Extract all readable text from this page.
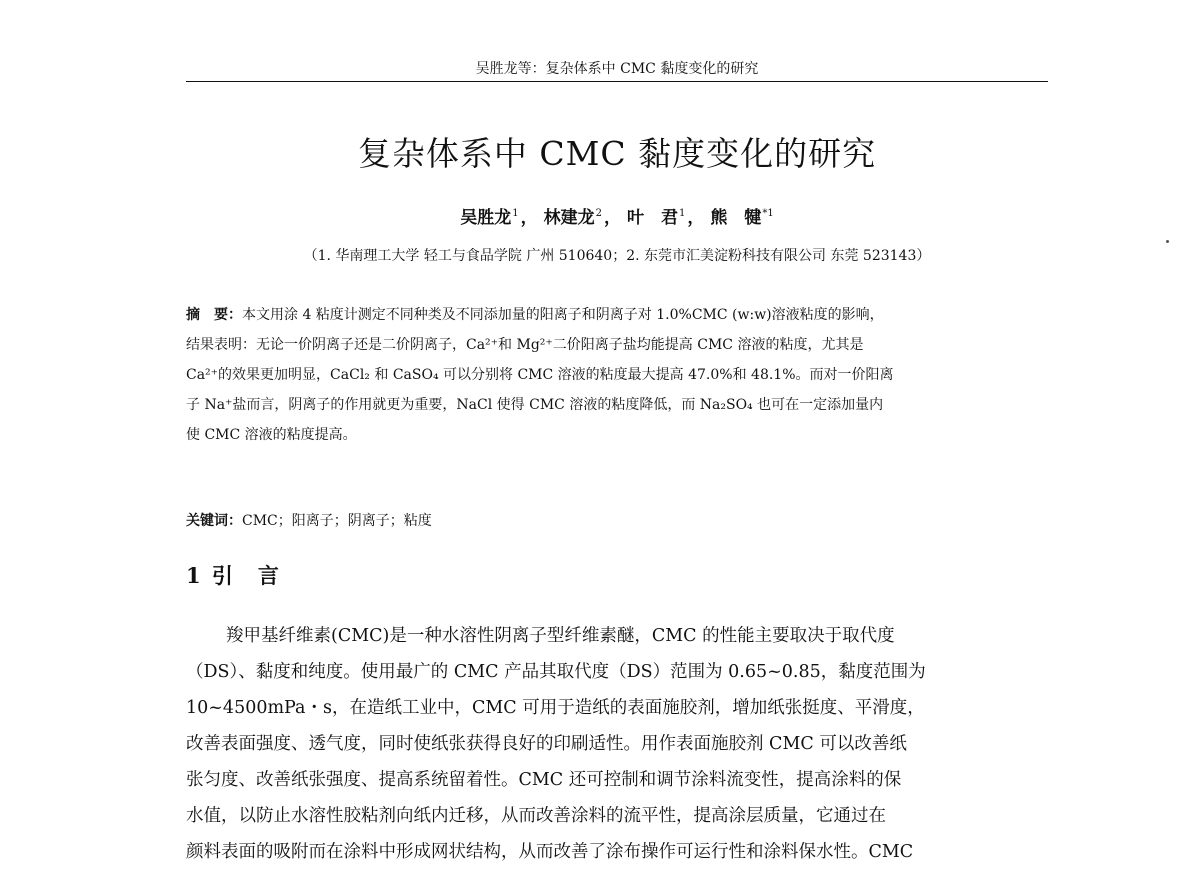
吴胜龙等：复杂体系中 CMC 黏度变化的研究
复杂体系中 CMC 黏度变化的研究
吴胜龙$^1$ ， 林建龙$^2$ ， 叶　君$^1$ ， 熊　犍$^{*1}$
（1. 华南理工大学 轻工与食品学院 广州 510640；2. 东莞市汇美淀粉科技有限公司 东莞 523143）
摘　要：本文用涂 4 粘度计测定不同种类及不同添加量的阳离子和阴离子对 1.0%CMC (w:w)溶液粘度的影响，
结果表明：无论一价阴离子还是二价阴离子，Ca²⁺和 Mg²⁺二价阳离子盐均能提高 CMC 溶液的粘度，尤其是
Ca²⁺的效果更加明显，CaCl₂ 和 CaSO₄ 可以分别将 CMC 溶液的粘度最大提高 47.0%和 48.1%。而对一价阳离
子 Na⁺盐而言，阴离子的作用就更为重要，NaCl 使得 CMC 溶液的粘度降低，而 Na₂SO₄ 也可在一定添加量内
使 CMC 溶液的粘度提高。
关键词：CMC；阳离子；阴离子；粘度
1 引　言
羧甲基纤维素(CMC)是一种水溶性阴离子型纤维素醚，CMC 的性能主要取决于取代度
（DS）、黏度和纯度。使用最广的 CMC 产品其取代度（DS）范围为 0.65~0.85，黏度范围为
10~4500mPa・s，在造纸工业中，CMC 可用于造纸的表面施胶剂，增加纸张挺度、平滑度，
改善表面强度、透气度，同时使纸张获得良好的印刷适性。用作表面施胶剂 CMC 可以改善纸
张匀度、改善纸张强度、提高系统留着性。CMC 还可控制和调节涂料流变性，提高涂料的保
水值，以防止水溶性胶粘剂向纸内迁移，从而改善涂料的流平性，提高涂层质量，它通过在
颜料表面的吸附而在涂料中形成网状结构，从而改善了涂布操作可运行性和涂料保水性。CMC
